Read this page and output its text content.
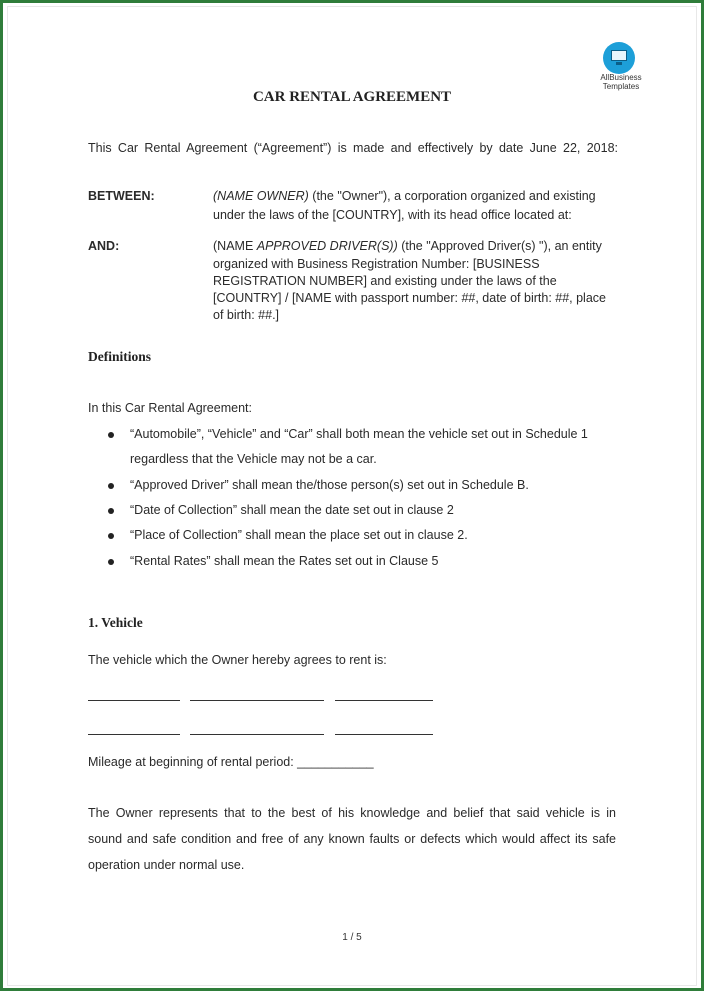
AllBusiness
Templates
CAR RENTAL AGREEMENT
This Car Rental Agreement (“Agreement”) is made and effectively by date June 22, 2018:
BETWEEN:	(NAME OWNER) (the "Owner"), a corporation organized and existing
under the laws of the [COUNTRY], with its head office located at:
AND:	(NAME APPROVED DRIVER(S)) (the "Approved Driver(s) "), an entity
organized with Business Registration Number: [BUSINESS
REGISTRATION NUMBER] and existing under the laws of the
[COUNTRY] / [NAME with passport number: ##, date of birth: ##, place
of birth: ##.]
Definitions
In this Car Rental Agreement:
“Automobile”, “Vehicle” and “Car” shall both mean the vehicle set out in Schedule 1
regardless that the Vehicle may not be a car.
“Approved Driver” shall mean the/those person(s) set out in Schedule B.
“Date of Collection” shall mean the date set out in clause 2
“Place of Collection” shall mean the place set out in clause 2.
“Rental Rates” shall mean the Rates set out in Clause 5
1. Vehicle
The vehicle which the Owner hereby agrees to rent is:
Mileage at beginning of rental period: ___________
The Owner represents that to the best of his knowledge and belief that said vehicle is in
sound and safe condition and free of any known faults or defects which would affect its safe
operation under normal use.
1 / 5
